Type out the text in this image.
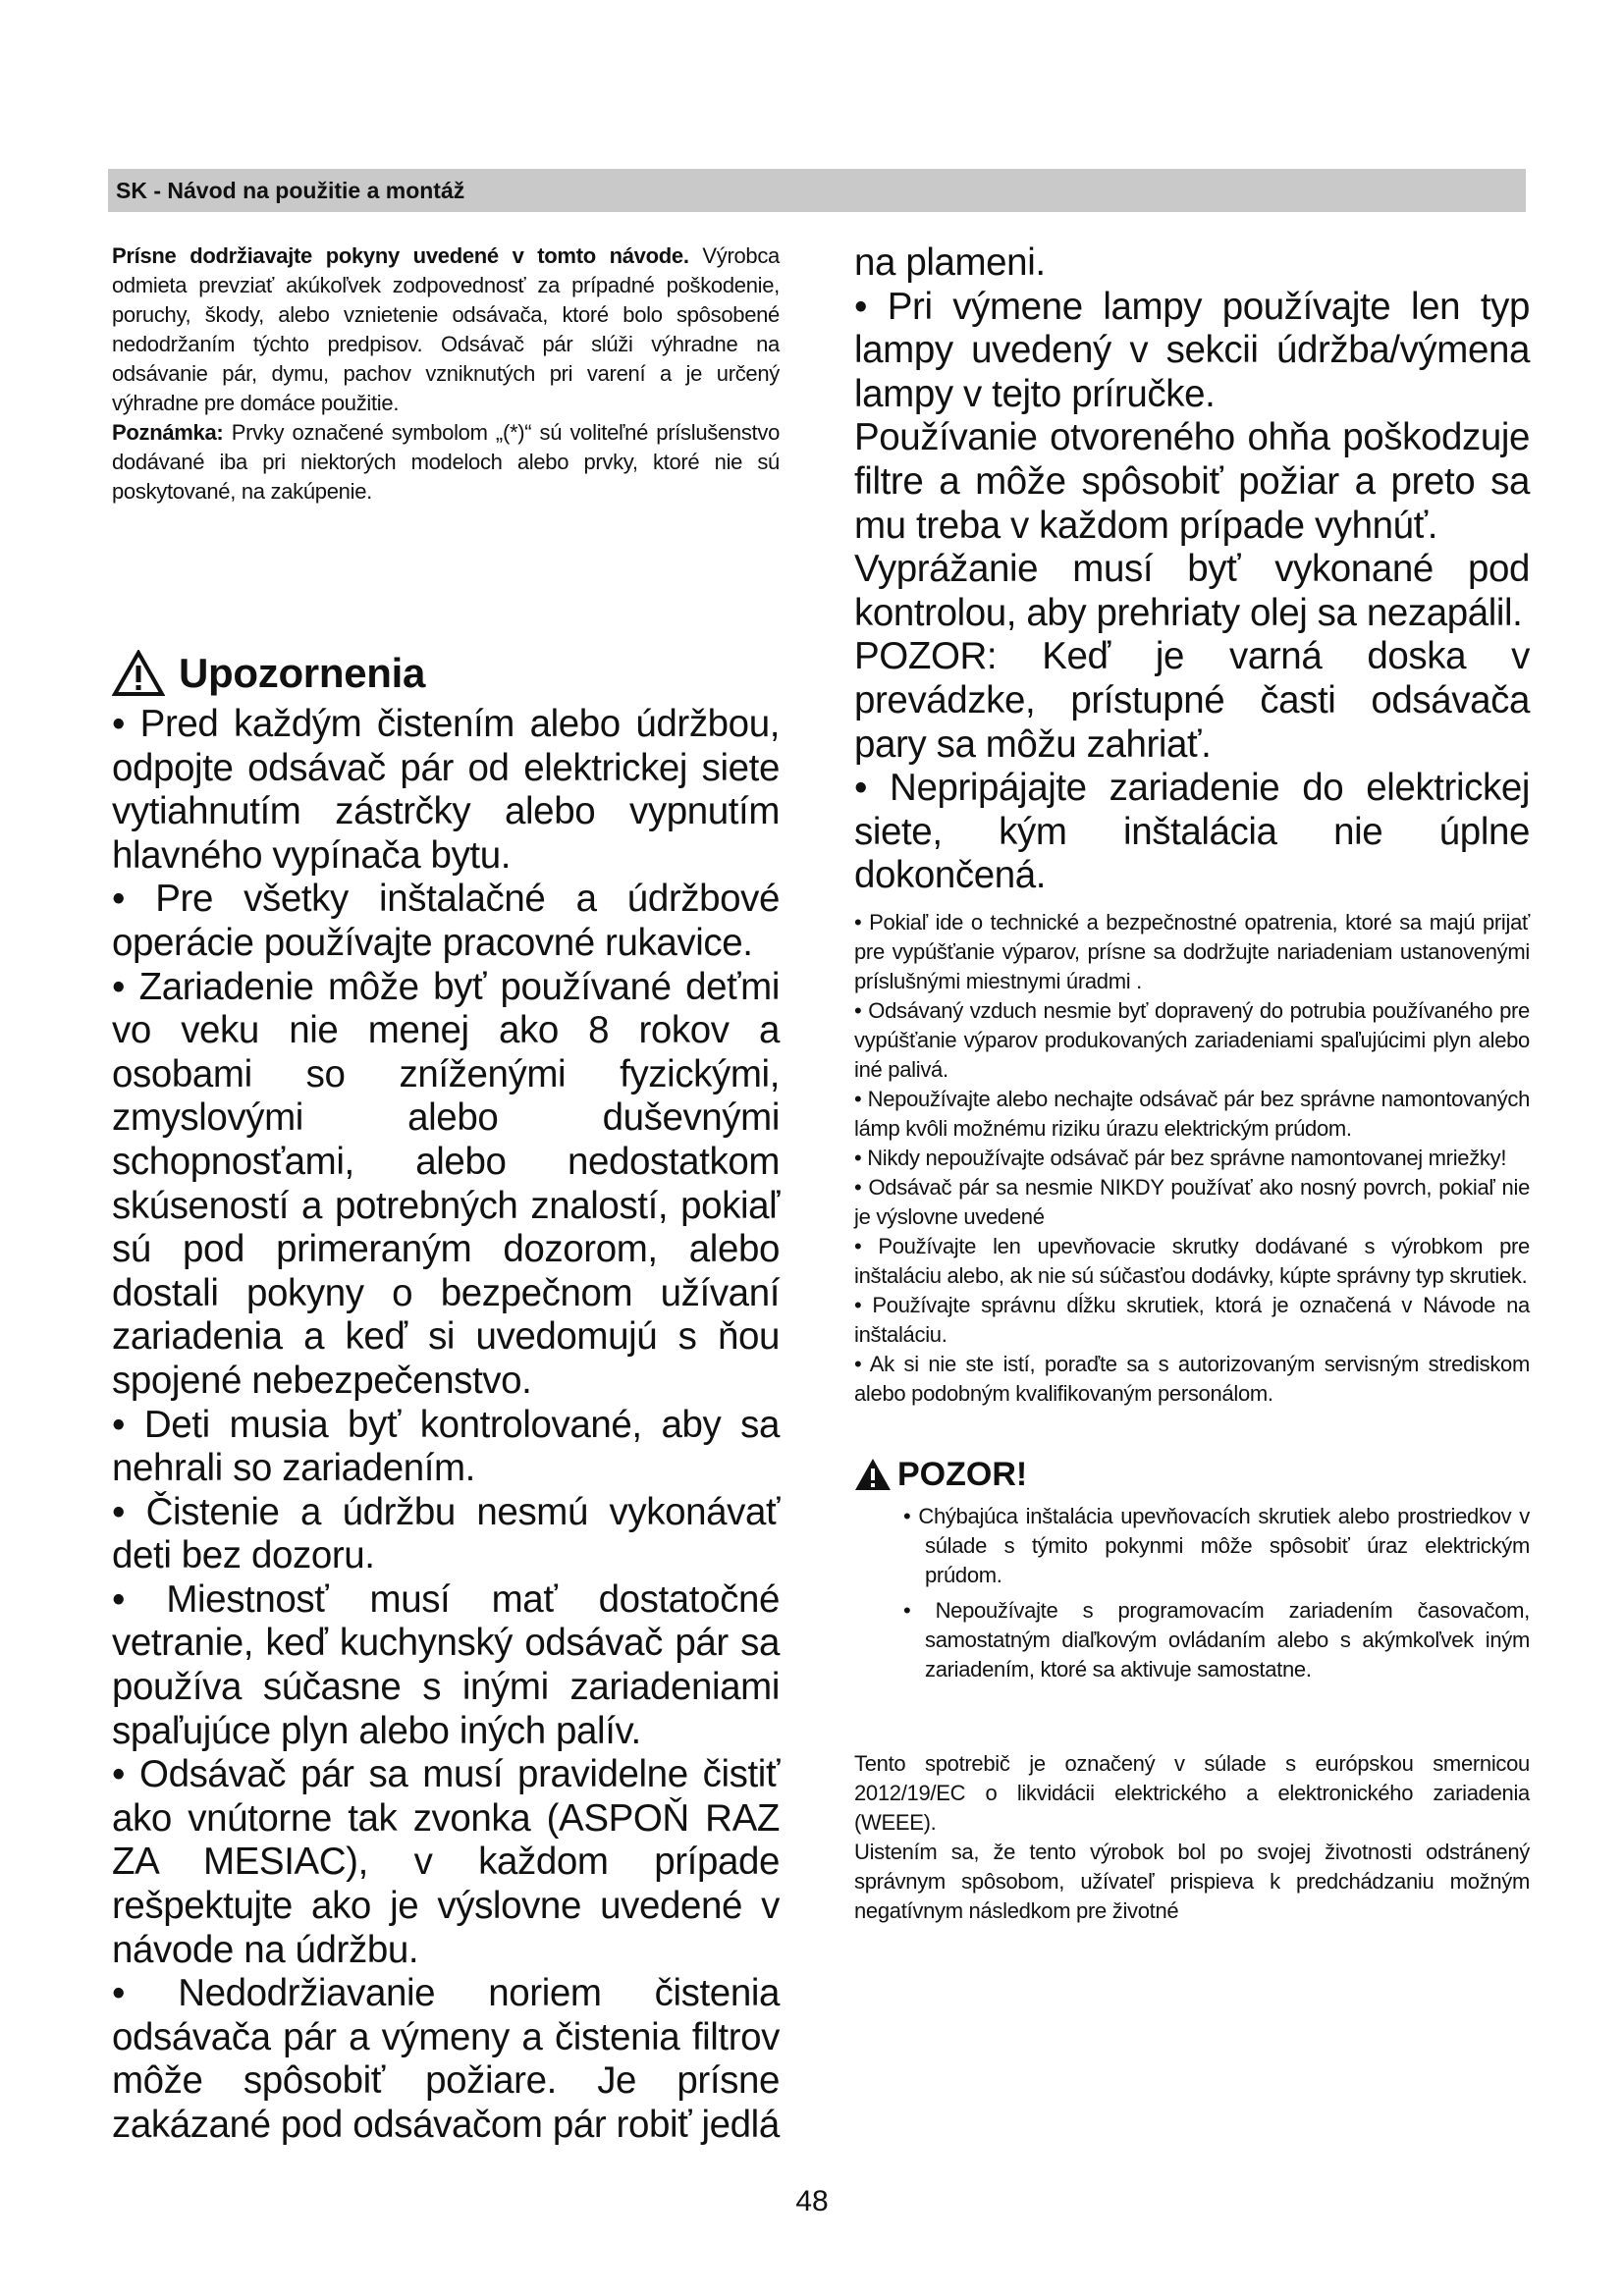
SK - Návod na použitie a montáž

Prísne dodržiavajte pokyny uvedené v tomto návode. Výrobca odmieta prevziať akúkoľvek zodpovednosť za prípadné poškodenie, poruchy, škody, alebo vznietenie odsávača, ktoré bolo spôsobené nedodržaním týchto predpisov. Odsávač pár slúži výhradne na odsávanie pár, dymu, pachov vzniknutých pri varení a je určený výhradne pre domáce použitie.

Poznámka: Prvky označené symbolom „(*)“ sú voliteľné príslušenstvo dodávané iba pri niektorých modeloch alebo prvky, ktoré nie sú poskytované, na zakúpenie.

Upozornenia

• Pred každým čistením alebo údržbou, odpojte odsávač pár od elektrickej siete vytiahnutím zástrčky alebo vypnutím hlavného vypínača bytu.

• Pre všetky inštalačné a údržbové operácie používajte pracovné rukavice.

• Zariadenie môže byť používané deťmi vo veku nie menej ako 8 rokov a osobami so zníženými fyzickými, zmyslovými alebo duševnými schopnosťami, alebo nedostatkom skúseností a potrebných znalostí, pokiaľ sú pod primeraným dozorom, alebo dostali pokyny o bezpečnom užívaní zariadenia a keď si uvedomujú s ňou spojené nebezpečenstvo.

• Deti musia byť kontrolované, aby sa nehrali so zariadením.

• Čistenie a údržbu nesmú vykonávať deti bez dozoru.

• Miestnosť musí mať dostatočné vetranie, keď kuchynský odsávač pár sa používa súčasne s inými zariadeniami spaľujúce plyn alebo iných palív.

• Odsávač pár sa musí pravidelne čistiť ako vnútorne tak zvonka (ASPOŇ RAZ ZA MESIAC), v každom prípade rešpektujte ako je výslovne uvedené v návode na údržbu.

• Nedodržiavanie noriem čistenia odsávača pár a výmeny a čistenia filtrov môže spôsobiť požiare. Je prísne zakázané pod odsávačom pár robiť jedlá

na plameni.

• Pri výmene lampy používajte len typ lampy uvedený v sekcii údržba/výmena lampy v tejto príručke.

Používanie otvoreného ohňa poškodzuje filtre a môže spôsobiť požiar a preto sa mu treba v každom prípade vyhnúť.

Vyprážanie musí byť vykonané pod kontrolou, aby prehriaty olej sa nezapálil.

POZOR: Keď je varná doska v prevádzke, prístupné časti odsávača pary sa môžu zahriať.

• Nepripájajte zariadenie do elektrickej siete, kým inštalácia nie úplne dokončená.

• Pokiaľ ide o technické a bezpečnostné opatrenia, ktoré sa majú prijať pre vypúšťanie výparov, prísne sa dodržujte nariadeniam ustanovenými príslušnými miestnymi úradmi .

• Odsávaný vzduch nesmie byť dopravený do potrubia používaného pre vypúšťanie výparov produkovaných zariadeniami spaľujúcimi plyn alebo iné palivá.

• Nepoužívajte alebo nechajte odsávač pár bez správne namontovaných lámp kvôli možnému riziku úrazu elektrickým prúdom.

• Nikdy nepoužívajte odsávač pár bez správne namontovanej mriežky!

• Odsávač pár sa nesmie NIKDY používať ako nosný povrch, pokiaľ nie je výslovne uvedené

• Používajte len upevňovacie skrutky dodávané s výrobkom pre inštaláciu alebo, ak nie sú súčasťou dodávky, kúpte správny typ skrutiek.

• Používajte správnu dĺžku skrutiek, ktorá je označená v Návode na inštaláciu.

• Ak si nie ste istí, poraďte sa s autorizovaným servisným strediskom alebo podobným kvalifikovaným personálom.

POZOR!

• Chýbajúca inštalácia upevňovacích skrutiek alebo prostriedkov v súlade s týmito pokynmi môže spôsobiť úraz elektrickým prúdom.

• Nepoužívajte s programovacím zariadením časovačom, samostatným diaľkovým ovládaním alebo s akýmkoľvek iným zariadením, ktoré sa aktivuje samostatne.

Tento spotrebič je označený v súlade s európskou smernicou 2012/19/EC o likvidácii elektrického a elektronického zariadenia (WEEE).

Uistením sa, že tento výrobok bol po svojej životnosti odstránený správnym spôsobom, užívateľ prispieva k predchádzaniu možným negatívnym následkom pre životné

48
